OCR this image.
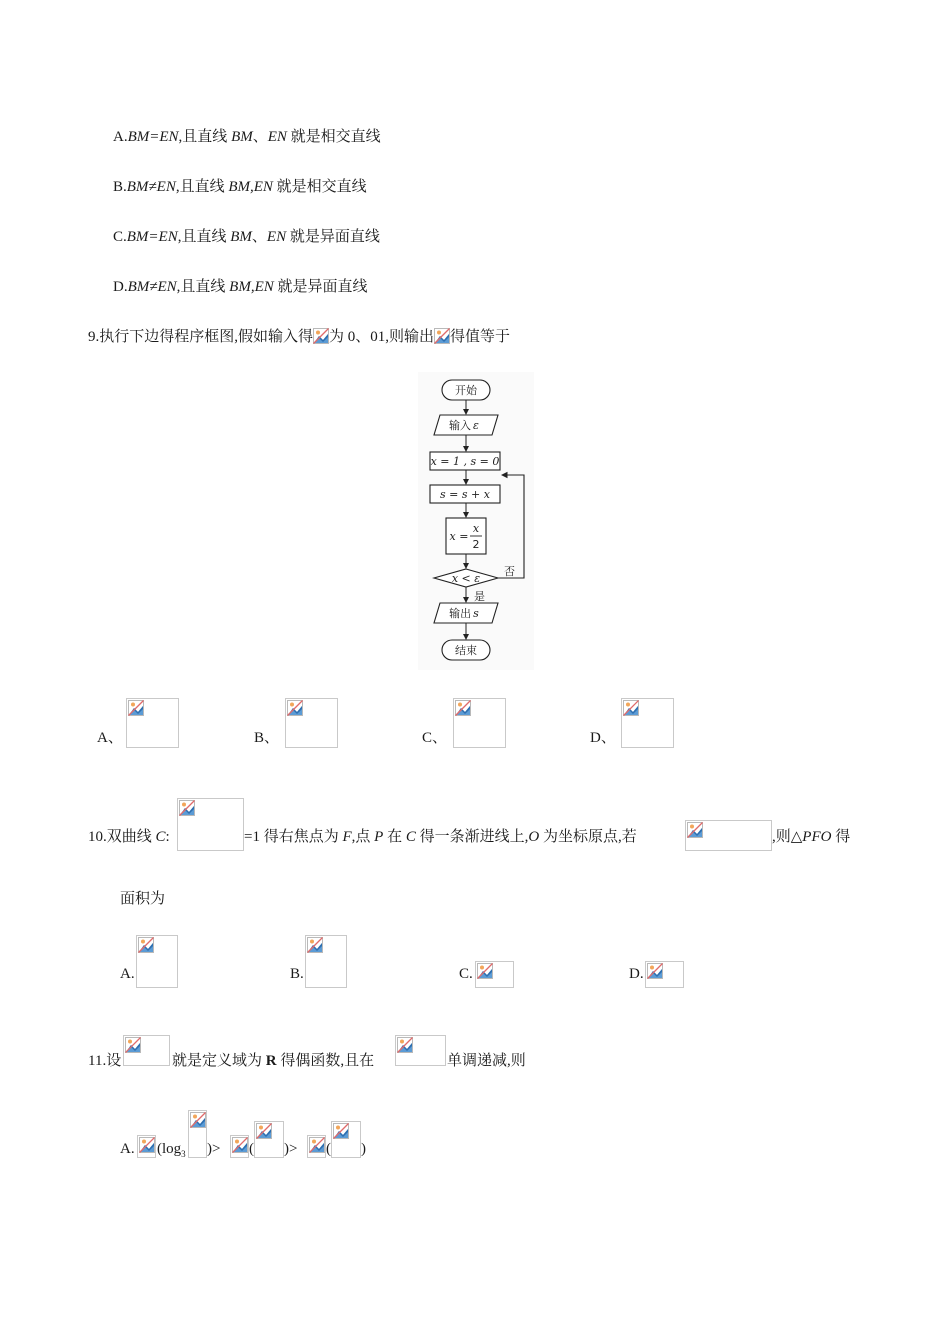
A.BM=EN,且直线 BM、EN 就是相交直线
B.BM≠EN,且直线 BM,EN 就是相交直线
C.BM=EN,且直线 BM、EN 就是异面直线
D.BM≠EN,且直线 BM,EN 就是异面直线
9.执行下边得程序框图,假如输入得 为 0、01,则输出 得值等于
开始
输入 ε
x = 1 , s = 0
s = s + x
x =
x
2
x < ε
否
是
输出 s
结束
A、	B、	C、	D、
10.双曲线 C:	=1 得右焦点为 F,点 P 在 C 得一条渐进线上,O 为坐标原点,若	,则△PFO 得
面积为
A.	B.	C.	D.
11.设	就是定义域为 R 得偶函数,且在	单调递减,则
A. ($\log_3$ )> ( )> ( )
